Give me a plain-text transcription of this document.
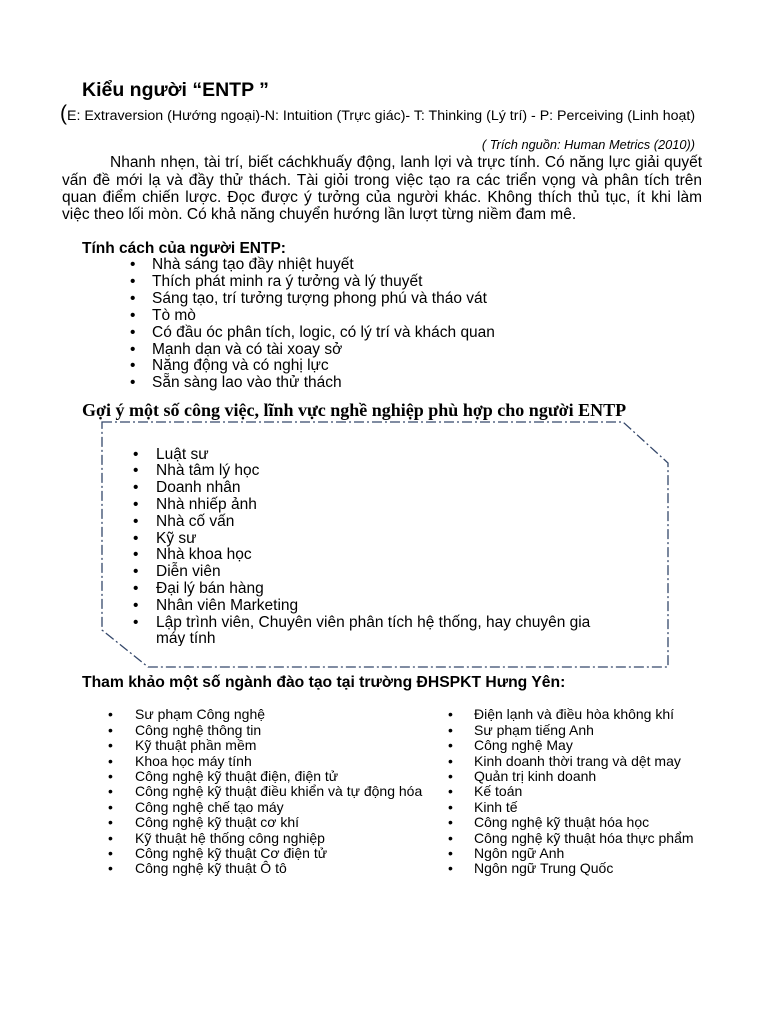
Kiểu người “ENTP ”
(E: Extraversion (Hướng ngoại)-N: Intuition (Trực giác)- T: Thinking (Lý trí) - P: Perceiving (Linh hoạt)
( Trích nguồn: Human Metrics (2010))

Nhanh nhẹn, tài trí, biết cáchkhuấy động, lanh lợi và trực tính. Có năng lực giải quyết vấn đề mới lạ và đầy thử thách. Tài giỏi trong việc tạo ra các triển vọng và phân tích trên quan điểm chiến lược. Đọc được ý tưởng của người khác. Không thích thủ tục, ít khi làm việc theo lối mòn. Có khả năng chuyển hướng lần lượt từng niềm đam mê.

Tính cách của người ENTP:
• Nhà sáng tạo đầy nhiệt huyết
• Thích phát minh ra ý tưởng và lý thuyết
• Sáng tạo, trí tưởng tượng phong phú và tháo vát
• Tò mò
• Có đầu óc phân tích, logic, có lý trí và khách quan
• Mạnh dạn và có tài xoay sở
• Năng động và có nghị lực
• Sẵn sàng lao vào thử thách
Gợi ý một số công việc, lĩnh vực nghề nghiệp phù hợp cho người ENTP
• Luật sư
• Nhà tâm lý học
• Doanh nhân
• Nhà nhiếp ảnh
• Nhà cố vấn
• Kỹ sư
• Nhà khoa học
• Diễn viên
• Đại lý bán hàng
• Nhân viên Marketing
• Lập trình viên, Chuyên viên phân tích hệ thống, hay chuyên gia máy tính
Tham khảo một số ngành đào tạo tại trường ĐHSPKT Hưng Yên:
• Sư phạm Công nghệ
• Công nghệ thông tin
• Kỹ thuật phần mềm
• Khoa học máy tính
• Công nghệ kỹ thuật điện, điện tử
• Công nghệ kỹ thuật điều khiển và tự động hóa
• Công nghệ chế tạo máy
• Công nghệ kỹ thuật cơ khí
• Kỹ thuật hệ thống công nghiệp
• Công nghệ kỹ thuật Cơ điện tử
• Công nghệ kỹ thuật Ô tô
• Điện lạnh và điều hòa không khí
• Sư phạm tiếng Anh
• Công nghệ May
• Kinh doanh thời trang và dệt may
• Quản trị kinh doanh
• Kế toán
• Kinh tế
• Công nghệ kỹ thuật hóa học
• Công nghệ kỹ thuật hóa thực phẩm
• Ngôn ngữ Anh
• Ngôn ngữ Trung Quốc
